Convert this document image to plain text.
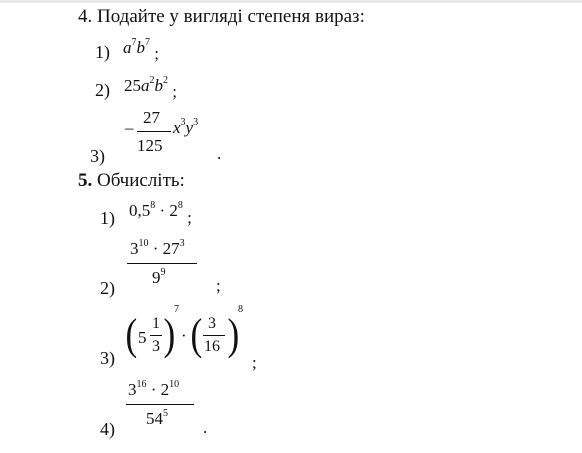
4. Подайте у вигляді степеня вираз:
1) $a^7b^7$ ;
2) $25a^2b^2$ ;
–
27
125
$x^3y^3$
3)	.
5. Обчисліть:
1) $0,5^8 \cdot 2^8$ ;
$3^{10} \cdot 27^3$
$9^9$
2)	;
3) ( 5
1
3 )
7
· ( 3
16 )
8
;
$3^{16} \cdot 2^{10}$
$54^5$
4)	.
